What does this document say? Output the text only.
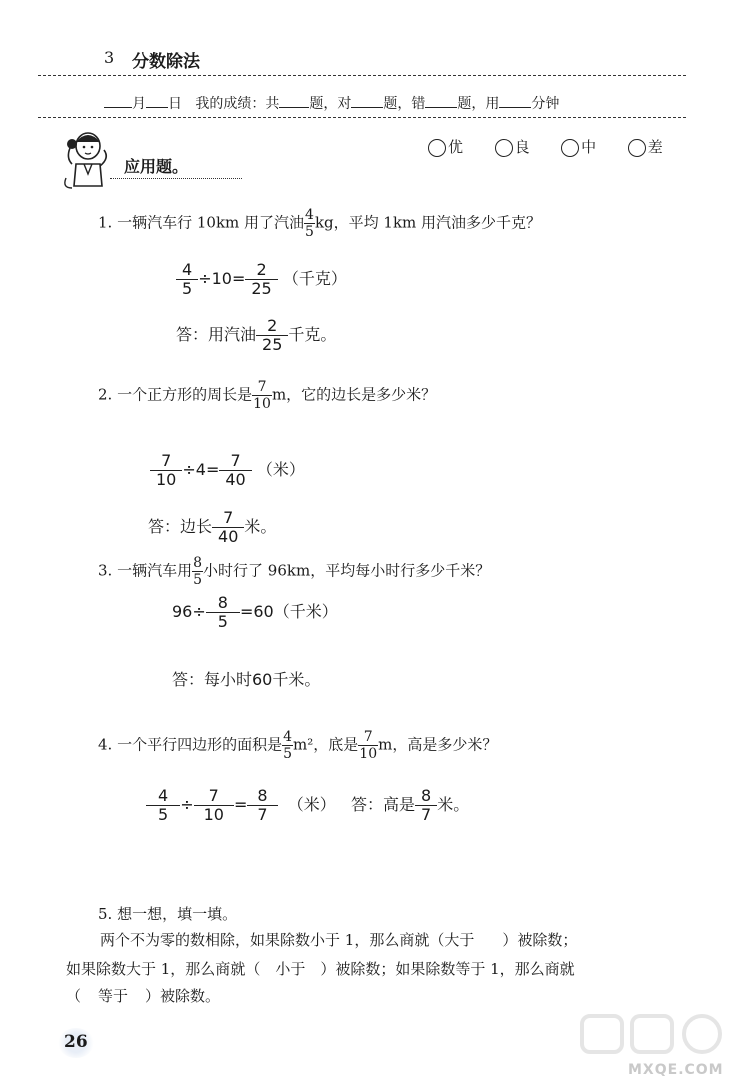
3 分数除法
月 日 我的成绩：共 题，对 题，错 题，用 分钟
应用题。
优	良	中	差
1. 一辆汽车行 10km 用了汽油 $\frac{4}{5}$ kg，平均 1km 用汽油多少千克？
$\frac{4}{5} \div 10= \frac{2}{25}$ （千克）
答：用汽油 $\frac{2}{25}$ 千克。
2. 一个正方形的周长是 $\frac{7}{10}$ m，它的边长是多少米？
$\frac{7}{10} \div 4= \frac{7}{40}$ （米）
答：边长 $\frac{7}{40}$ 米。
3. 一辆汽车用 $\frac{8}{5}$ 小时行了 96km，平均每小时行多少千米？
$96\div \frac{8}{5} =60$（千米）
答：每小时60千米。
4. 一个平行四边形的面积是 $\frac{4}{5} m^2$，底是 $\frac{7}{10}$ m，高是多少米？
$\frac{4}{5} \div \frac{7}{10} = \frac{8}{7}$ （米） 答：高是 $\frac{8}{7}$ 米。
5. 想一想，填一填。
两个不为零的数相除，如果除数小于 1，那么商就（大于 ）被除数；
如果除数大于 1，那么商就（ 小于 ）被除数；如果除数等于 1，那么商就
（ 等于 ）被除数。
26
MXQE.COM
